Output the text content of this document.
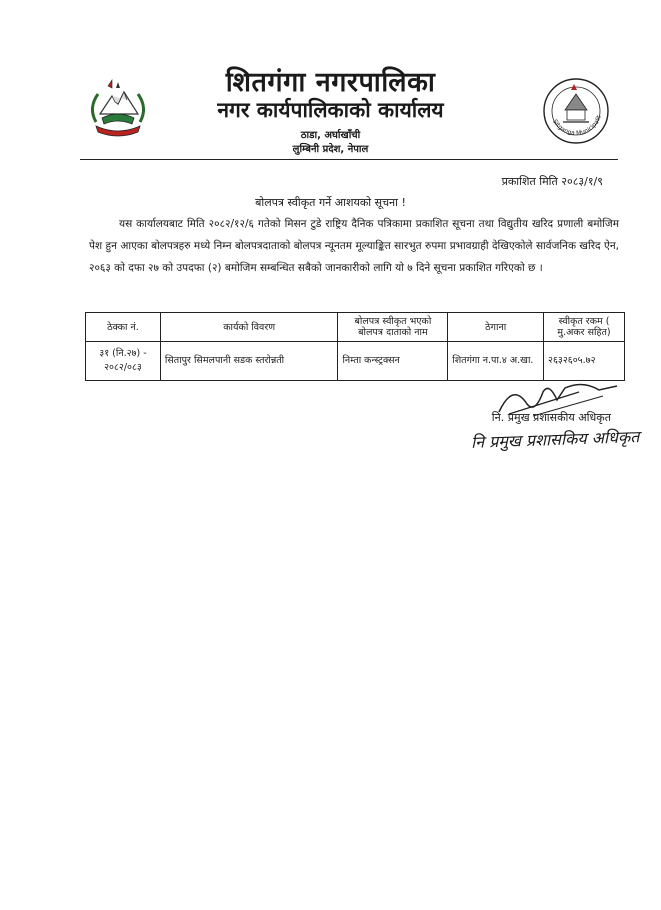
Sitganga Municipalit
शितगंगा नगरपालिका
नगर कार्यपालिकाको कार्यालय
ठाडा, अर्घाखाँची
लुम्बिनी प्रदेश, नेपाल
प्रकाशित मिति २०८३/१/९
बोलपत्र स्वीकृत गर्ने आशयको सूचना !
यस कार्यालयबाट मिति २०८२/१२/६ गतेको मिसन टुडे राष्ट्रिय दैनिक पत्रिकामा प्रकाशित सूचना तथा विद्युतीय खरिद प्रणाली बमोजिम पेश हुन आएका बोलपत्रहरु मध्ये निम्न बोलपत्रदाताको बोलपत्र न्यूनतम मूल्याङ्कित सारभुत रुपमा प्रभावग्राही देखिएकोले सार्वजनिक खरिद ऐन, २०६३ को दफा २७ को उपदफा (२) बमोजिम सम्बन्धित सबैको जानकारीको लागि यो ७ दिने सूचना प्रकाशित गरिएको छ ।
ठेक्का नं.	कार्यको विवरण	बोलपत्र स्वीकृत भएको बोलपत्र दाताको नाम	ठेगाना	स्वीकृत रकम ( मु.अकर सहित)
३१ (नि.२७) - २०८२/०८३	सितापुर सिमलपानी सडक स्तरोन्नती	निम्ता कन्स्ट्रक्सन	शितगंगा न.पा.४ अ.खा.	२६३२६०५.७२
नि. प्रमुख प्रशासकीय अधिकृत
नि प्रमुख प्रशासकिय अधिकृत
